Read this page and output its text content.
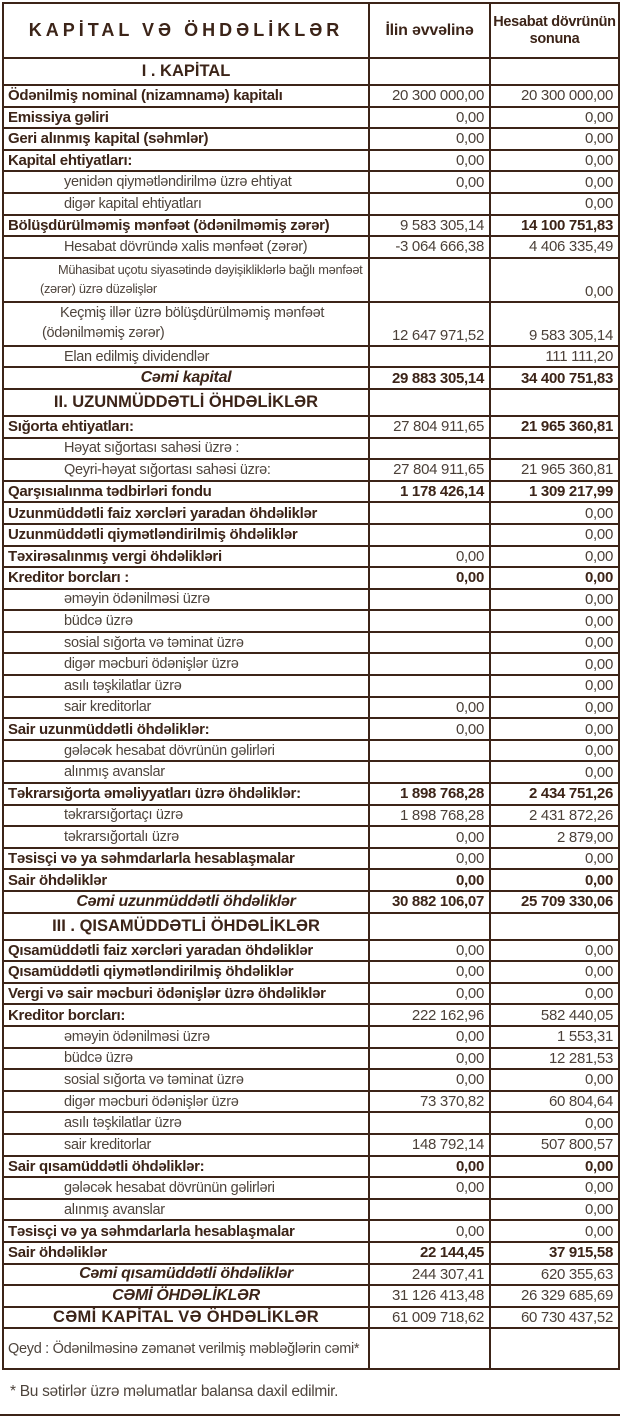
KAPİTAL VƏ ÖHDƏLİKLƏR	İlin əvvəlinə	Hesabat dövrünün sonuna
I . KAPİTAL		
Ödənilmiş nominal (nizamnamə) kapitalı	20 300 000,00	20 300 000,00
Emissiya gəliri	0,00	0,00
Geri alınmış kapital (səhmlər)	0,00	0,00
Kapital ehtiyatları:	0,00	0,00
yenidən qiymətləndirilmə üzrə ehtiyat	0,00	0,00
digər kapital ehtiyatları		0,00
Bölüşdürülməmiş mənfəət (ödənilməmiş zərər)	9 583 305,14	14 100 751,83
Hesabat dövründə xalis mənfəət (zərər)	-3 064 666,38	4 406 335,49
Mühasibat uçotu siyasətində dəyişikliklərlə bağlı mənfəət (zərər) üzrə düzəlişlər		0,00
Keçmiş illər üzrə bölüşdürülməmiş mənfəət (ödənilməmiş zərər)	12 647 971,52	9 583 305,14
Elan edilmiş dividendlər		111 111,20
Cəmi kapital	29 883 305,14	34 400 751,83
II. UZUNMÜDDƏTLİ ÖHDƏLİKLƏR		
Sığorta ehtiyatları:	27 804 911,65	21 965 360,81
Həyat sığortası sahəsi üzrə :		
Qeyri-həyat sığortası sahəsi üzrə:	27 804 911,65	21 965 360,81
Qarşısıalınma tədbirləri fondu	1 178 426,14	1 309 217,99
Uzunmüddətli faiz xərcləri yaradan öhdəliklər		0,00
Uzunmüddətli qiymətləndirilmiş öhdəliklər		0,00
Təxirəsalınmış vergi öhdəlikləri	0,00	0,00
Kreditor borcları :	0,00	0,00
əməyin ödənilməsi üzrə		0,00
büdcə üzrə		0,00
sosial sığorta və təminat üzrə		0,00
digər məcburi ödənişlər üzrə		0,00
asılı təşkilatlar üzrə		0,00
sair kreditorlar	0,00	0,00
Sair uzunmüddətli öhdəliklər:	0,00	0,00
gələcək hesabat dövrünün gəlirləri		0,00
alınmış avanslar		0,00
Təkrarsığorta əməliyyatları üzrə öhdəliklər:	1 898 768,28	2 434 751,26
təkrarsığortaçı üzrə	1 898 768,28	2 431 872,26
təkrarsığortalı üzrə	0,00	2 879,00
Təsisçi və ya səhmdarlarla hesablaşmalar	0,00	0,00
Sair öhdəliklər	0,00	0,00
Cəmi uzunmüddətli öhdəliklər	30 882 106,07	25 709 330,06
III . QISAMÜDDƏTLİ ÖHDƏLİKLƏR		
Qısamüddətli faiz xərcləri yaradan öhdəliklər	0,00	0,00
Qısamüddətli qiymətləndirilmiş öhdəliklər	0,00	0,00
Vergi və sair məcburi ödənişlər üzrə öhdəliklər	0,00	0,00
Kreditor borcları:	222 162,96	582 440,05
əməyin ödənilməsi üzrə	0,00	1 553,31
büdcə üzrə	0,00	12 281,53
sosial sığorta və təminat üzrə	0,00	0,00
digər məcburi ödənişlər üzrə	73 370,82	60 804,64
asılı təşkilatlar üzrə		0,00
sair kreditorlar	148 792,14	507 800,57
Sair qısamüddətli öhdəliklər:	0,00	0,00
gələcək hesabat dövrünün gəlirləri	0,00	0,00
alınmış avanslar		0,00
Təsisçi və ya səhmdarlarla hesablaşmalar	0,00	0,00
Sair öhdəliklər	22 144,45	37 915,58
Cəmi qısamüddətli öhdəliklər	244 307,41	620 355,63
CƏMİ ÖHDƏLİKLƏR	31 126 413,48	26 329 685,69
CƏMİ KAPİTAL VƏ ÖHDƏLİKLƏR	61 009 718,62	60 730 437,52
Qeyd : Ödənilməsinə zəmanət verilmiş məbləğlərin cəmi*		
* Bu sətirlər üzrə məlumatlar balansa daxil edilmir.
